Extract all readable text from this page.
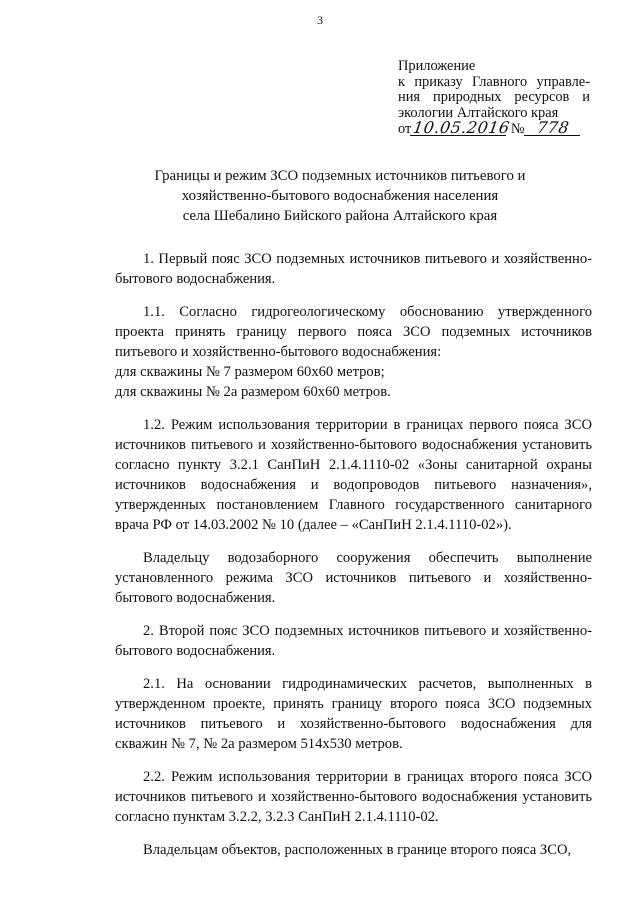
3
Приложение
к приказу Главного управле-
ния природных ресурсов и
экологии Алтайского края
от10.05.2016 № 778
Границы и режим ЗСО подземных источников питьевого и
хозяйственно-бытового водоснабжения населения
села Шебалино Бийского района Алтайского края

1. Первый пояс ЗСО подземных источников питьевого и хозяйственно-бытового водоснабжения.

1.1. Согласно гидрогеологическому обоснованию утвержденного проекта принять границу первого пояса ЗСО подземных источников питьевого и хозяйственно-бытового водоснабжения:

для скважины № 7 размером 60х60 метров;

для скважины № 2а размером 60х60 метров.

1.2. Режим использования территории в границах первого пояса ЗСО источников питьевого и хозяйственно-бытового водоснабжения установить согласно пункту 3.2.1 СанПиН 2.1.4.1110-02 «Зоны санитарной охраны источников водоснабжения и водопроводов питьевого назначения», утвержденных постановлением Главного государственного санитарного врача РФ от 14.03.2002 № 10 (далее – «СанПиН 2.1.4.1110-02»).

Владельцу водозаборного сооружения обеспечить выполнение установленного режима ЗСО источников питьевого и хозяйственно-бытового водоснабжения.

2. Второй пояс ЗСО подземных источников питьевого и хозяйственно-бытового водоснабжения.

2.1. На основании гидродинамических расчетов, выполненных в утвержденном проекте, принять границу второго пояса ЗСО подземных источников питьевого и хозяйственно-бытового водоснабжения для скважин № 7, № 2а размером 514х530 метров.

2.2. Режим использования территории в границах второго пояса ЗСО источников питьевого и хозяйственно-бытового водоснабжения установить согласно пунктам 3.2.2, 3.2.3 СанПиН 2.1.4.1110-02.

Владельцам объектов, расположенных в границе второго пояса ЗСО,
